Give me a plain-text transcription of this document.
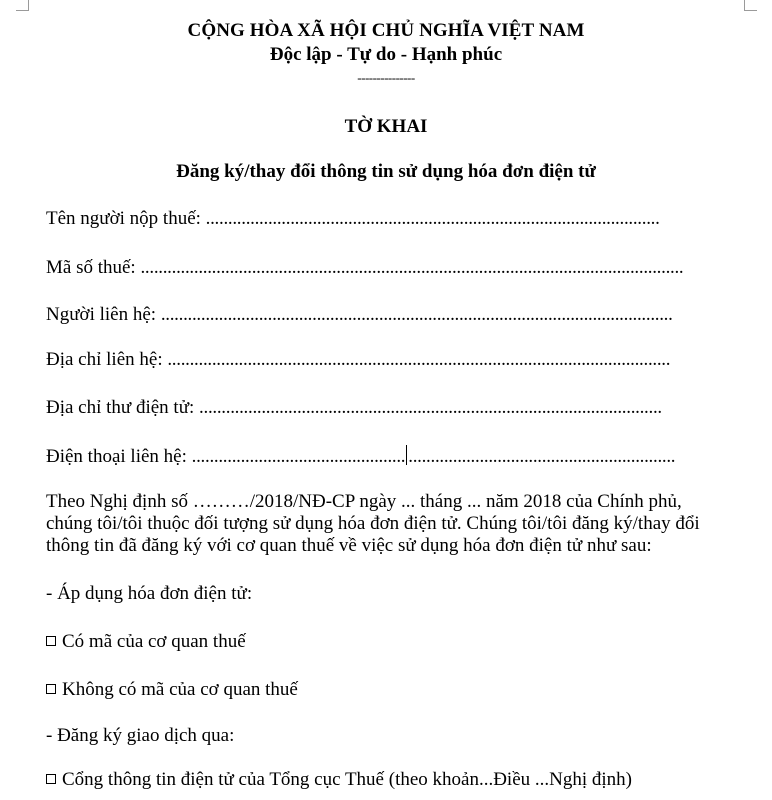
CỘNG HÒA XÃ HỘI CHỦ NGHĨA VIỆT NAM
Độc lập - Tự do - Hạnh phúc
---------------
TỜ KHAI
Đăng ký/thay đổi thông tin sử dụng hóa đơn điện tử
Tên người nộp thuế: ......................................................................................................
Mã số thuế: ..........................................................................................................................
Người liên hệ: ...................................................................................................................
Địa chỉ liên hệ: .................................................................................................................
Địa chỉ thư điện tử: ........................................................................................................
Điện thoại liên hệ: ................................................ ............................................................
Theo Nghị định số ………/2018/NĐ-CP ngày ... tháng ... năm 2018 của Chính phủ,
chúng tôi/tôi thuộc đối tượng sử dụng hóa đơn điện tử. Chúng tôi/tôi đăng ký/thay đổi
thông tin đã đăng ký với cơ quan thuế về việc sử dụng hóa đơn điện tử như sau:
- Áp dụng hóa đơn điện tử:
Có mã của cơ quan thuế
Không có mã của cơ quan thuế
- Đăng ký giao dịch qua:
Cổng thông tin điện tử của Tổng cục Thuế (theo khoản...Điều ...Nghị định)
